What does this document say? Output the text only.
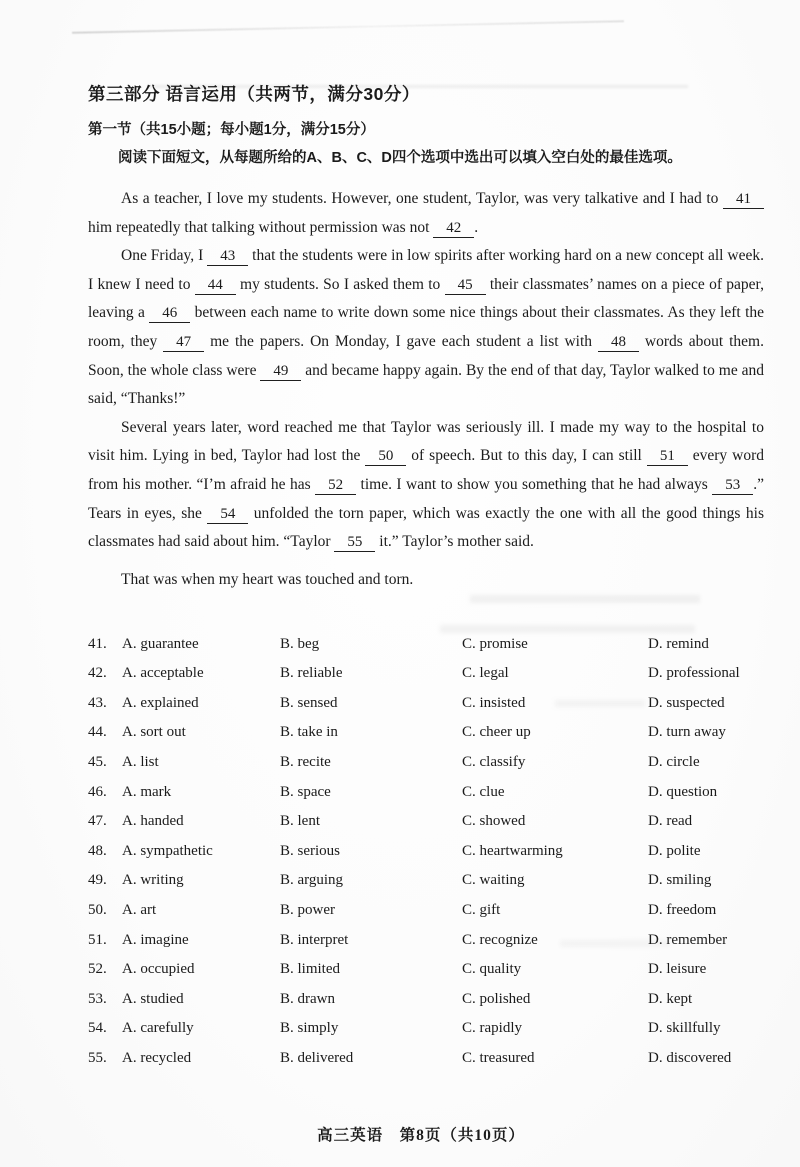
第三部分 语言运用（共两节，满分30分）
第一节（共15小题；每小题1分，满分15分）
阅读下面短文，从每题所给的A、B、C、D四个选项中选出可以填入空白处的最佳选项。

As a teacher, I love my students. However, one student, Taylor, was very talkative and I had to 41 him repeatedly that talking without permission was not 42 .

One Friday, I 43 that the students were in low spirits after working hard on a new concept all week. I knew I need to 44 my students. So I asked them to 45 their classmates’ names on a piece of paper, leaving a 46 between each name to write down some nice things about their classmates. As they left the room, they 47 me the papers. On Monday, I gave each student a list with 48 words about them. Soon, the whole class were 49 and became happy again. By the end of that day, Taylor walked to me and said, “Thanks!”

Several years later, word reached me that Taylor was seriously ill. I made my way to the hospital to visit him. Lying in bed, Taylor had lost the 50 of speech. But to this day, I can still 51 every word from his mother. “I’m afraid he has 52 time. I want to show you something that he had always 53 .” Tears in eyes, she 54 unfolded the torn paper, which was exactly the one with all the good things his classmates had said about him. “Taylor 55 it.” Taylor’s mother said.

That was when my heart was touched and torn.

41.	A. guarantee	B. beg	C. promise	D. remind
42.	A. acceptable	B. reliable	C. legal	D. professional
43.	A. explained	B. sensed	C. insisted	D. suspected
44.	A. sort out	B. take in	C. cheer up	D. turn away
45.	A. list	B. recite	C. classify	D. circle
46.	A. mark	B. space	C. clue	D. question
47.	A. handed	B. lent	C. showed	D. read
48.	A. sympathetic	B. serious	C. heartwarming	D. polite
49.	A. writing	B. arguing	C. waiting	D. smiling
50.	A. art	B. power	C. gift	D. freedom
51.	A. imagine	B. interpret	C. recognize	D. remember
52.	A. occupied	B. limited	C. quality	D. leisure
53.	A. studied	B. drawn	C. polished	D. kept
54.	A. carefully	B. simply	C. rapidly	D. skillfully
55.	A. recycled	B. delivered	C. treasured	D. discovered
高三英语　第8页（共10页）
